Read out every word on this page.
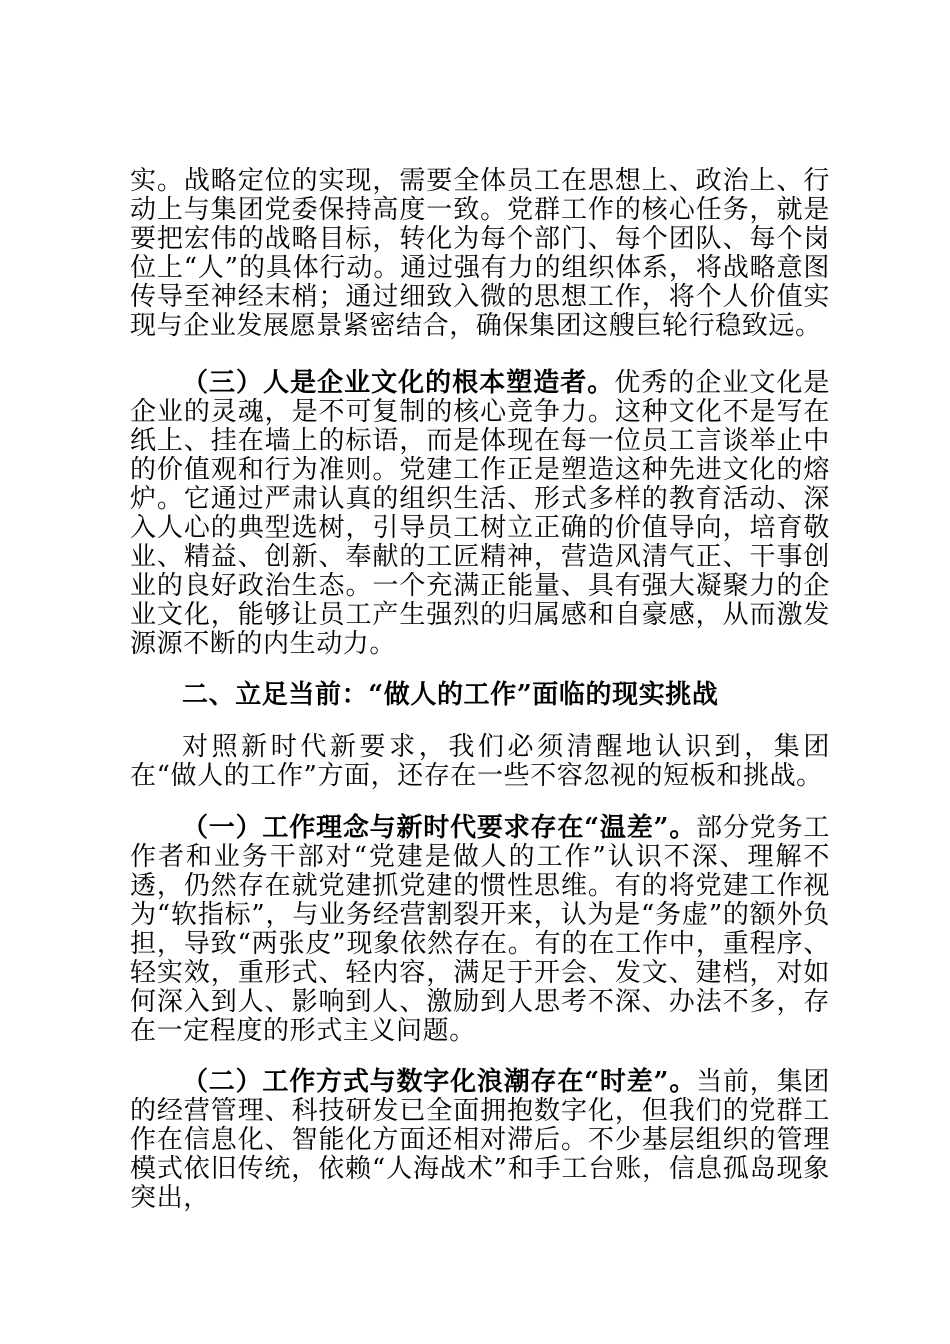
实。战略定位的实现，需要全体员工在思想上、政治上、行动上与集团党委保持高度一致。党群工作的核心任务，就是要把宏伟的战略目标，转化为每个部门、每个团队、每个岗位上“人”的具体行动。通过强有力的组织体系，将战略意图传导至神经末梢；通过细致入微的思想工作，将个人价值实现与企业发展愿景紧密结合，确保集团这艘巨轮行稳致远。

（三）人是企业文化的根本塑造者。优秀的企业文化是企业的灵魂，是不可复制的核心竞争力。这种文化不是写在纸上、挂在墙上的标语，而是体现在每一位员工言谈举止中的价值观和行为准则。党建工作正是塑造这种先进文化的熔炉。它通过严肃认真的组织生活、形式多样的教育活动、深入人心的典型选树，引导员工树立正确的价值导向，培育敬业、精益、创新、奉献的工匠精神，营造风清气正、干事创业的良好政治生态。一个充满正能量、具有强大凝聚力的企业文化，能够让员工产生强烈的归属感和自豪感，从而激发源源不断的内生动力。

二、立足当前：“做人的工作”面临的现实挑战

对照新时代新要求，我们必须清醒地认识到，集团在“做人的工作”方面，还存在一些不容忽视的短板和挑战。

（一）工作理念与新时代要求存在“温差”。部分党务工作者和业务干部对“党建是做人的工作”认识不深、理解不透，仍然存在就党建抓党建的惯性思维。有的将党建工作视为“软指标”，与业务经营割裂开来，认为是“务虚”的额外负担，导致“两张皮”现象依然存在。有的在工作中，重程序、轻实效，重形式、轻内容，满足于开会、发文、建档，对如何深入到人、影响到人、激励到人思考不深、办法不多，存在一定程度的形式主义问题。

（二）工作方式与数字化浪潮存在“时差”。当前，集团的经营管理、科技研发已全面拥抱数字化，但我们的党群工作在信息化、智能化方面还相对滞后。不少基层组织的管理模式依旧传统，依赖“人海战术”和手工台账，信息孤岛现象突出，
